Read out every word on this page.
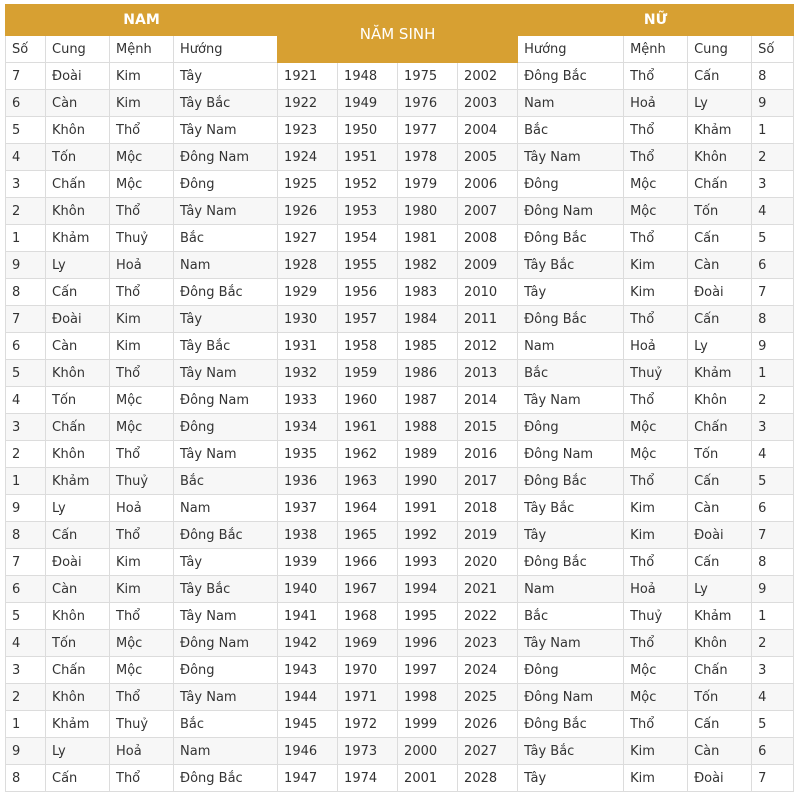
NAM				NĂM SINH				NỮ			
Số	Cung	Mệnh	Hướng					Hướng	Mệnh	Cung	Số
7	Đoài	Kim	Tây	1921	1948	1975	2002	Đông Bắc	Thổ	Cấn	8
6	Càn	Kim	Tây Bắc	1922	1949	1976	2003	Nam	Hoả	Ly	9
5	Khôn	Thổ	Tây Nam	1923	1950	1977	2004	Bắc	Thổ	Khảm	1
4	Tốn	Mộc	Đông Nam	1924	1951	1978	2005	Tây Nam	Thổ	Khôn	2
3	Chấn	Mộc	Đông	1925	1952	1979	2006	Đông	Mộc	Chấn	3
2	Khôn	Thổ	Tây Nam	1926	1953	1980	2007	Đông Nam	Mộc	Tốn	4
1	Khảm	Thuỷ	Bắc	1927	1954	1981	2008	Đông Bắc	Thổ	Cấn	5
9	Ly	Hoả	Nam	1928	1955	1982	2009	Tây Bắc	Kim	Càn	6
8	Cấn	Thổ	Đông Bắc	1929	1956	1983	2010	Tây	Kim	Đoài	7
7	Đoài	Kim	Tây	1930	1957	1984	2011	Đông Bắc	Thổ	Cấn	8
6	Càn	Kim	Tây Bắc	1931	1958	1985	2012	Nam	Hoả	Ly	9
5	Khôn	Thổ	Tây Nam	1932	1959	1986	2013	Bắc	Thuỷ	Khảm	1
4	Tốn	Mộc	Đông Nam	1933	1960	1987	2014	Tây Nam	Thổ	Khôn	2
3	Chấn	Mộc	Đông	1934	1961	1988	2015	Đông	Mộc	Chấn	3
2	Khôn	Thổ	Tây Nam	1935	1962	1989	2016	Đông Nam	Mộc	Tốn	4
1	Khảm	Thuỷ	Bắc	1936	1963	1990	2017	Đông Bắc	Thổ	Cấn	5
9	Ly	Hoả	Nam	1937	1964	1991	2018	Tây Bắc	Kim	Càn	6
8	Cấn	Thổ	Đông Bắc	1938	1965	1992	2019	Tây	Kim	Đoài	7
7	Đoài	Kim	Tây	1939	1966	1993	2020	Đông Bắc	Thổ	Cấn	8
6	Càn	Kim	Tây Bắc	1940	1967	1994	2021	Nam	Hoả	Ly	9
5	Khôn	Thổ	Tây Nam	1941	1968	1995	2022	Bắc	Thuỷ	Khảm	1
4	Tốn	Mộc	Đông Nam	1942	1969	1996	2023	Tây Nam	Thổ	Khôn	2
3	Chấn	Mộc	Đông	1943	1970	1997	2024	Đông	Mộc	Chấn	3
2	Khôn	Thổ	Tây Nam	1944	1971	1998	2025	Đông Nam	Mộc	Tốn	4
1	Khảm	Thuỷ	Bắc	1945	1972	1999	2026	Đông Bắc	Thổ	Cấn	5
9	Ly	Hoả	Nam	1946	1973	2000	2027	Tây Bắc	Kim	Càn	6
8	Cấn	Thổ	Đông Bắc	1947	1974	2001	2028	Tây	Kim	Đoài	7
